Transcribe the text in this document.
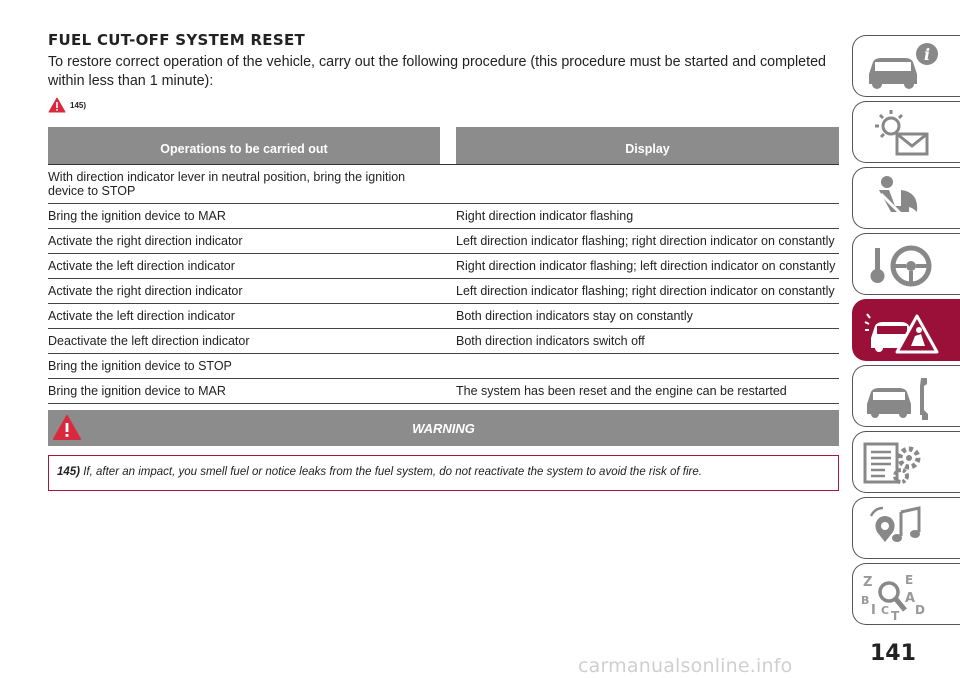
FUEL CUT-OFF SYSTEM RESET
To restore correct operation of the vehicle, carry out the following procedure (this procedure must be started and completed within less than 1 minute):
145)
Operations to be carried out		Display
With direction indicator lever in neutral position, bring the ignition device to STOP		
Bring the ignition device to MAR		Right direction indicator flashing
Activate the right direction indicator		Left direction indicator flashing; right direction indicator on constantly
Activate the left direction indicator		Right direction indicator flashing; left direction indicator on constantly
Activate the right direction indicator		Left direction indicator flashing; right direction indicator on constantly
Activate the left direction indicator		Both direction indicators stay on constantly
Deactivate the left direction indicator		Both direction indicators switch off
Bring the ignition device to STOP		
Bring the ignition device to MAR		The system has been reset and the engine can be restarted
WARNING

145) If, after an impact, you smell fuel or notice leaks from the fuel system, do not reactivate the system to avoid the risk of fire.

i
Z	E
B	A
I C D
T
141
carmanualsonline.info
